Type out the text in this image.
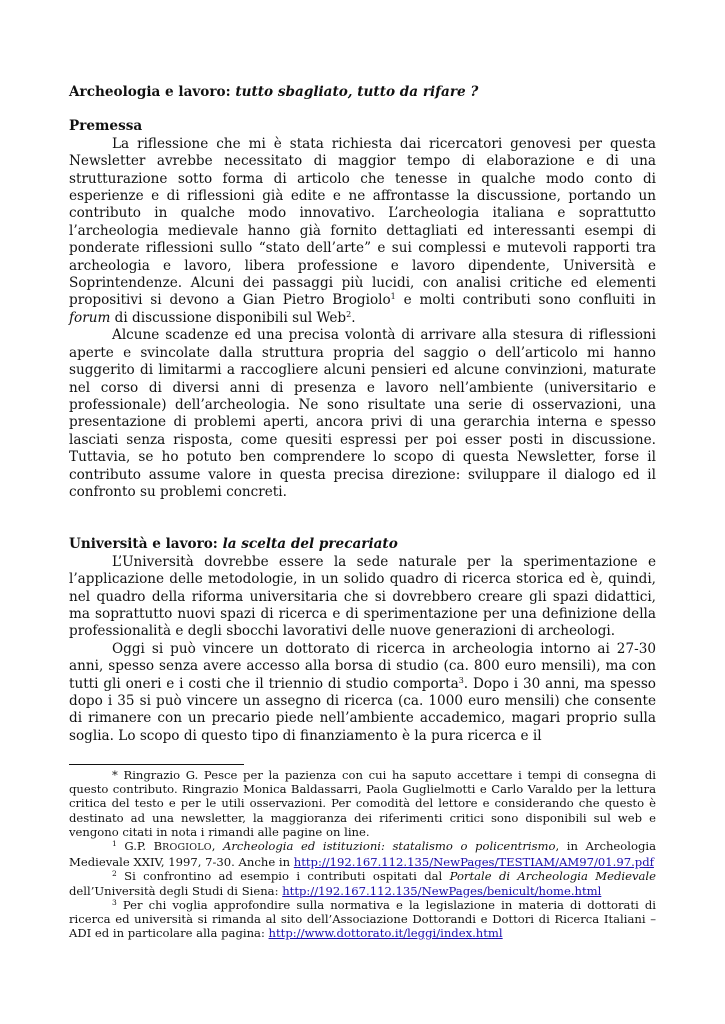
Archeologia e lavoro: tutto sbagliato, tutto da rifare ?
Premessa

La riflessione che mi è stata richiesta dai ricercatori genovesi per questa Newsletter avrebbe necessitato di maggior tempo di elaborazione e di una strutturazione sotto forma di articolo che tenesse in qualche modo conto di esperienze e di riflessioni già edite e ne affrontasse la discussione, portando un contributo in qualche modo innovativo. L’archeologia italiana e soprattutto l’archeologia medievale hanno già fornito dettagliati ed interessanti esempi di ponderate riflessioni sullo “stato dell’arte” e sui complessi e mutevoli rapporti tra archeologia e lavoro, libera professione e lavoro dipendente, Università e Soprintendenze. Alcuni dei passaggi più lucidi, con analisi critiche ed elementi propositivi si devono a Gian Pietro Brogiolo$^1$ e molti contributi sono confluiti in forum di discussione disponibili sul Web$^2$.

Alcune scadenze ed una precisa volontà di arrivare alla stesura di riflessioni aperte e svincolate dalla struttura propria del saggio o dell’articolo mi hanno suggerito di limitarmi a raccogliere alcuni pensieri ed alcune convinzioni, maturate nel corso di diversi anni di presenza e lavoro nell’ambiente (universitario e professionale) dell’archeologia. Ne sono risultate una serie di osservazioni, una presentazione di problemi aperti, ancora privi di una gerarchia interna e spesso lasciati senza risposta, come quesiti espressi per poi esser posti in discussione. Tuttavia, se ho potuto ben comprendere lo scopo di questa Newsletter, forse il contributo assume valore in questa precisa direzione: sviluppare il dialogo ed il confronto su problemi concreti.

Università e lavoro: la scelta del precariato

L’Università dovrebbe essere la sede naturale per la sperimentazione e l’applicazione delle metodologie, in un solido quadro di ricerca storica ed è, quindi, nel quadro della riforma universitaria che si dovrebbero creare gli spazi didattici, ma soprattutto nuovi spazi di ricerca e di sperimentazione per una definizione della professionalità e degli sbocchi lavorativi delle nuove generazioni di archeologi.

Oggi si può vincere un dottorato di ricerca in archeologia intorno ai 27-30 anni, spesso senza avere accesso alla borsa di studio (ca. 800 euro mensili), ma con tutti gli oneri e i costi che il triennio di studio comporta$^3$. Dopo i 30 anni, ma spesso dopo i 35 si può vincere un assegno di ricerca (ca. 1000 euro mensili) che consente di rimanere con un precario piede nell’ambiente accademico, magari proprio sulla soglia. Lo scopo di questo tipo di finanziamento è la pura ricerca e il

* Ringrazio G. Pesce per la pazienza con cui ha saputo accettare i tempi di consegna di questo contributo. Ringrazio Monica Baldassarri, Paola Guglielmotti e Carlo Varaldo per la lettura critica del testo e per le utili osservazioni. Per comodità del lettore e considerando che questo è destinato ad una newsletter, la maggioranza dei riferimenti critici sono disponibili sul web e vengono citati in nota i rimandi alle pagine on line.

$^1$ G.P. BROGIOLO, Archeologia ed istituzioni: statalismo o policentrismo, in Archeologia Medievale XXIV, 1997, 7-30. Anche in http://192.167.112.135/NewPages/TESTIAM/AM97/01.97.pdf

$^2$ Si confrontino ad esempio i contributi ospitati dal Portale di Archeologia Medievale dell’Università degli Studi di Siena: http://192.167.112.135/NewPages/benicult/home.html

$^3$ Per chi voglia approfondire sulla normativa e la legislazione in materia di dottorati di ricerca ed università si rimanda al sito dell’Associazione Dottorandi e Dottori di Ricerca Italiani – ADI ed in particolare alla pagina: http://www.dottorato.it/leggi/index.html
